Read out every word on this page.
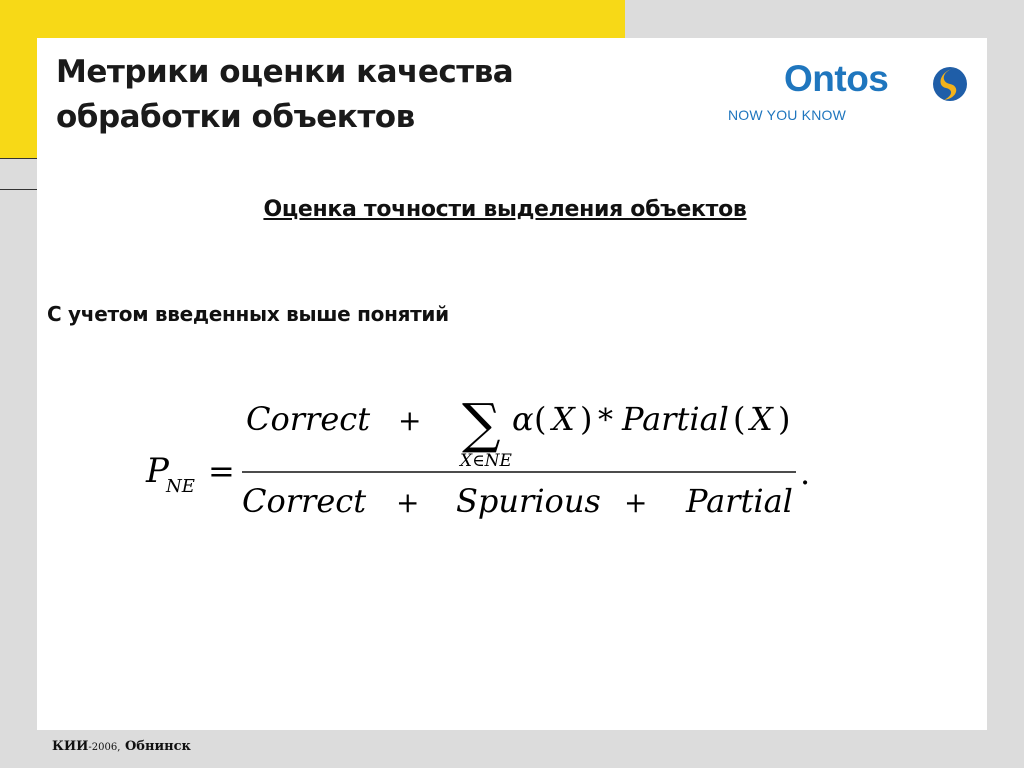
Метрики оценки качества
обработки объектов
Ontos
NOW YOU KNOW
Оценка точности выделения объектов
С учетом введенных выше понятий
P
NE =
Correct + ∑ α ( X ) * Partial ( X )
X∈NE
Correct + Spurious + Partial
.
КИИ-2006, Обнинск
